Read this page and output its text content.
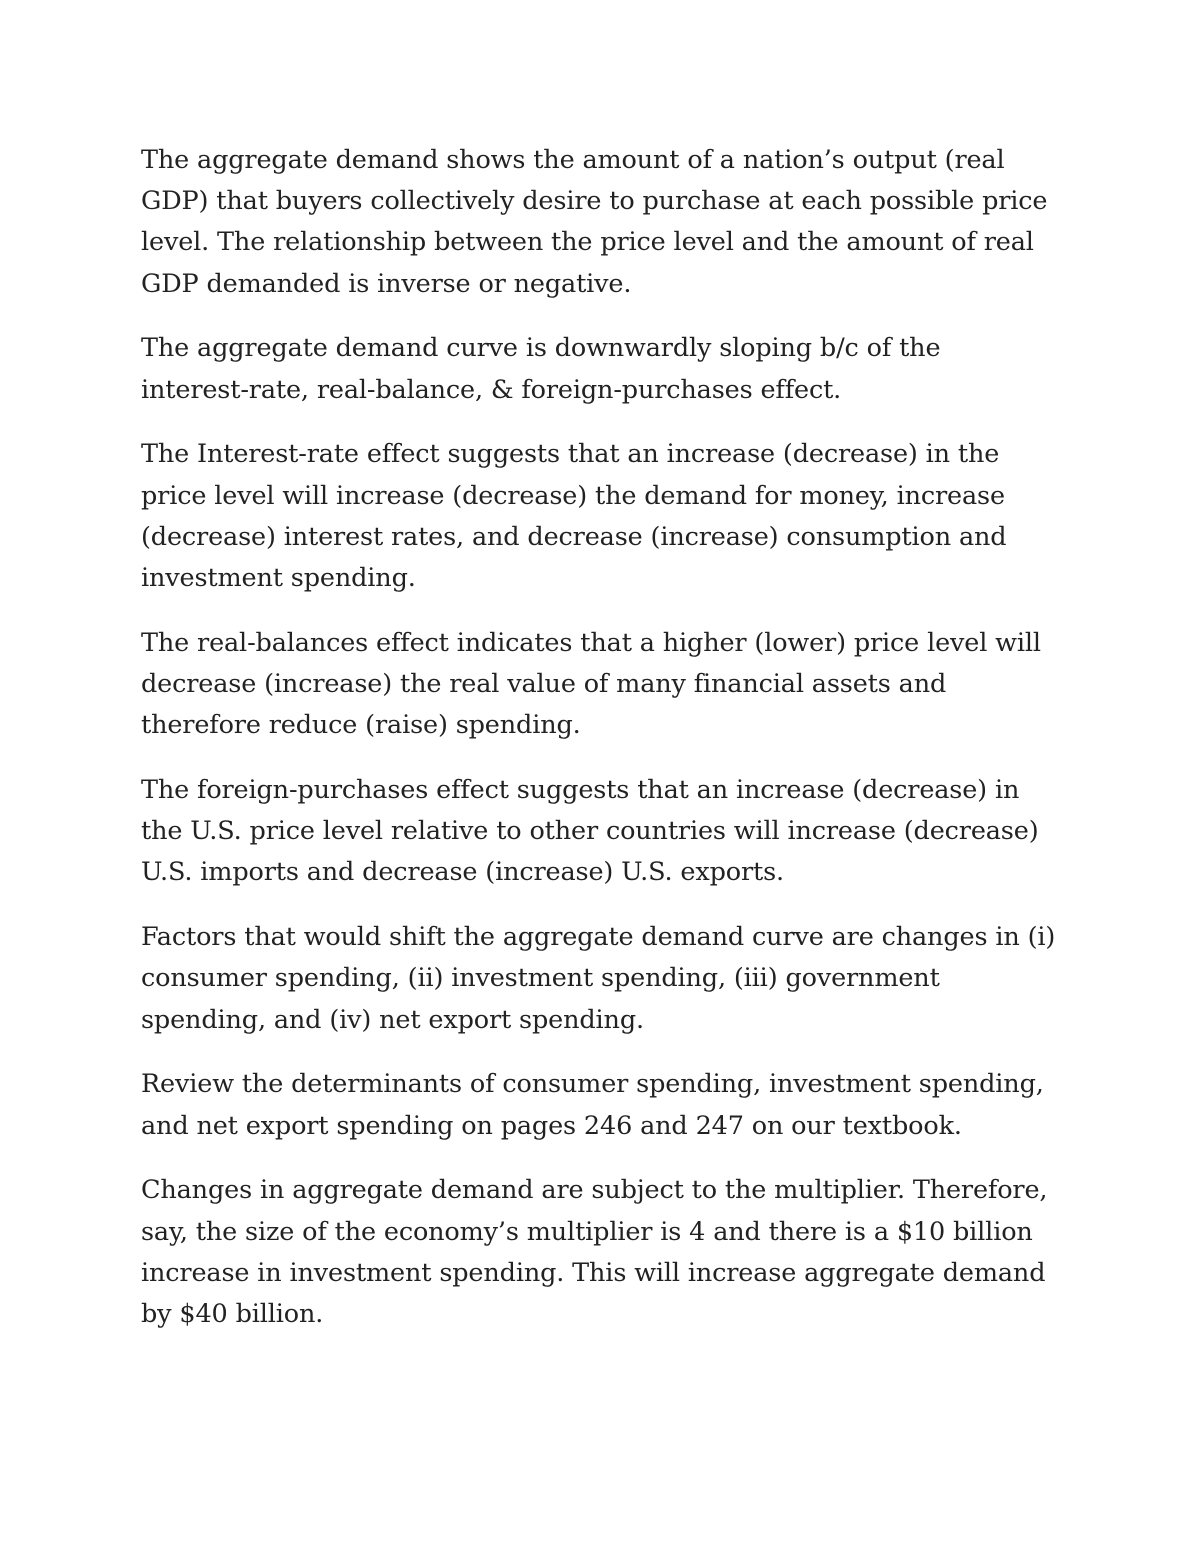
The aggregate demand shows the amount of a nation’s output (real
GDP) that buyers collectively desire to purchase at each possible price
level. The relationship between the price level and the amount of real
GDP demanded is inverse or negative.

The aggregate demand curve is downwardly sloping b/c of the
interest-rate, real-balance, & foreign-purchases effect.

The Interest-rate effect suggests that an increase (decrease) in the
price level will increase (decrease) the demand for money, increase
(decrease) interest rates, and decrease (increase) consumption and
investment spending.

The real-balances effect indicates that a higher (lower) price level will
decrease (increase) the real value of many financial assets and
therefore reduce (raise) spending.

The foreign-purchases effect suggests that an increase (decrease) in
the U.S. price level relative to other countries will increase (decrease)
U.S. imports and decrease (increase) U.S. exports.

Factors that would shift the aggregate demand curve are changes in (i)
consumer spending, (ii) investment spending, (iii) government
spending, and (iv) net export spending.

Review the determinants of consumer spending, investment spending,
and net export spending on pages 246 and 247 on our textbook.

Changes in aggregate demand are subject to the multiplier. Therefore,
say, the size of the economy’s multiplier is 4 and there is a $10 billion
increase in investment spending. This will increase aggregate demand
by $40 billion.
